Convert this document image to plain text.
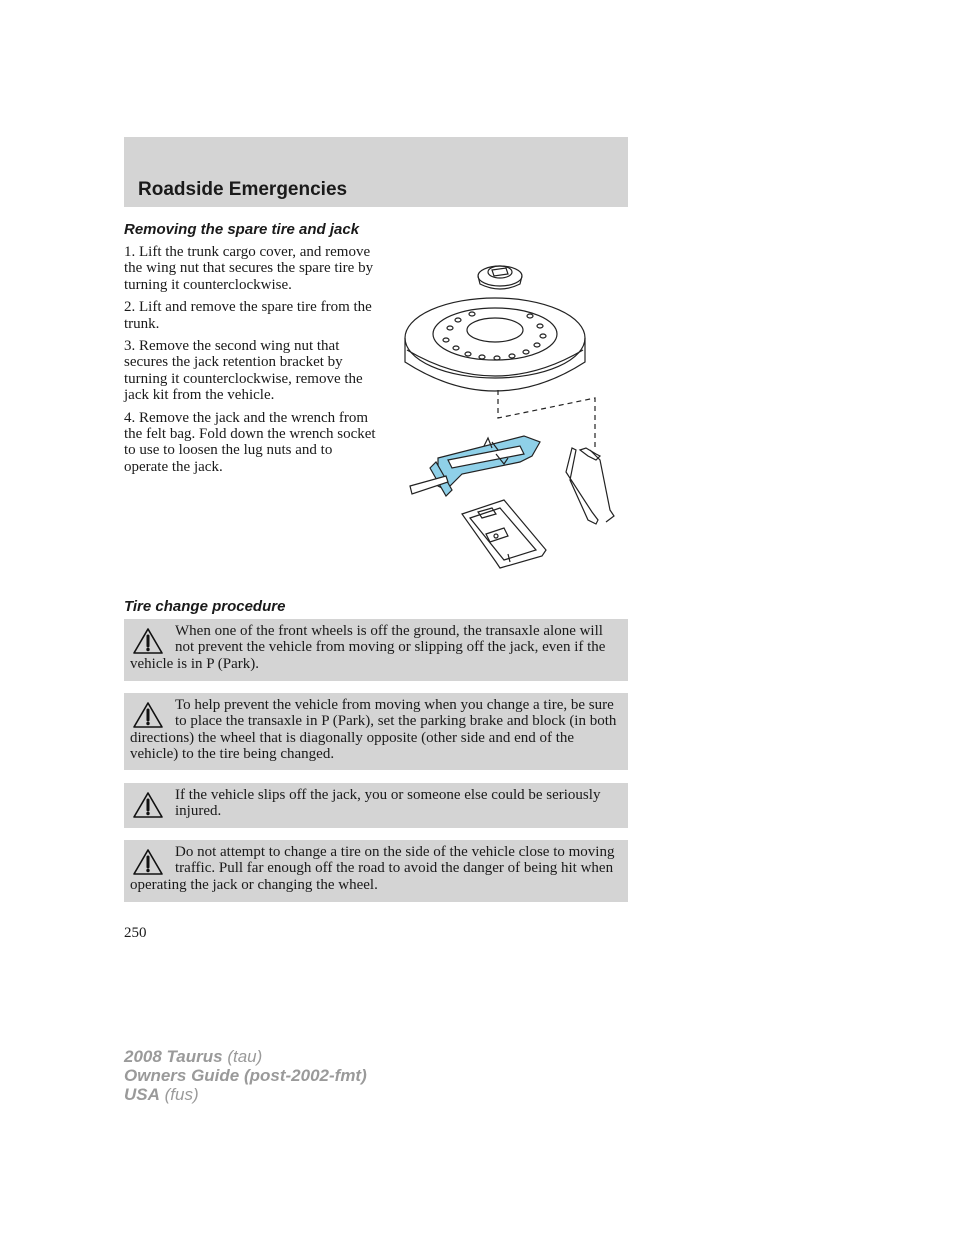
Roadside Emergencies
Removing the spare tire and jack

1. Lift the trunk cargo cover, and remove the wing nut that secures the spare tire by turning it counterclockwise.

2. Lift and remove the spare tire from the trunk.

3. Remove the second wing nut that secures the jack retention bracket by turning it counterclockwise, remove the jack kit from the vehicle.

4. Remove the jack and the wrench from the felt bag. Fold down the wrench socket to use to loosen the lug nuts and to operate the jack.

Tire change procedure

When one of the front wheels is off the ground, the transaxle alone will not prevent the vehicle from moving or slipping off the jack, even if the vehicle is in P (Park).

To help prevent the vehicle from moving when you change a tire, be sure to place the transaxle in P (Park), set the parking brake and block (in both directions) the wheel that is diagonally opposite (other side and end of the vehicle) to the tire being changed.

If the vehicle slips off the jack, you or someone else could be seriously injured.

Do not attempt to change a tire on the side of the vehicle close to moving traffic. Pull far enough off the road to avoid the danger of being hit when operating the jack or changing the wheel.

250
2008 Taurus (tau)
Owners Guide (post-2002-fmt)
USA (fus)
